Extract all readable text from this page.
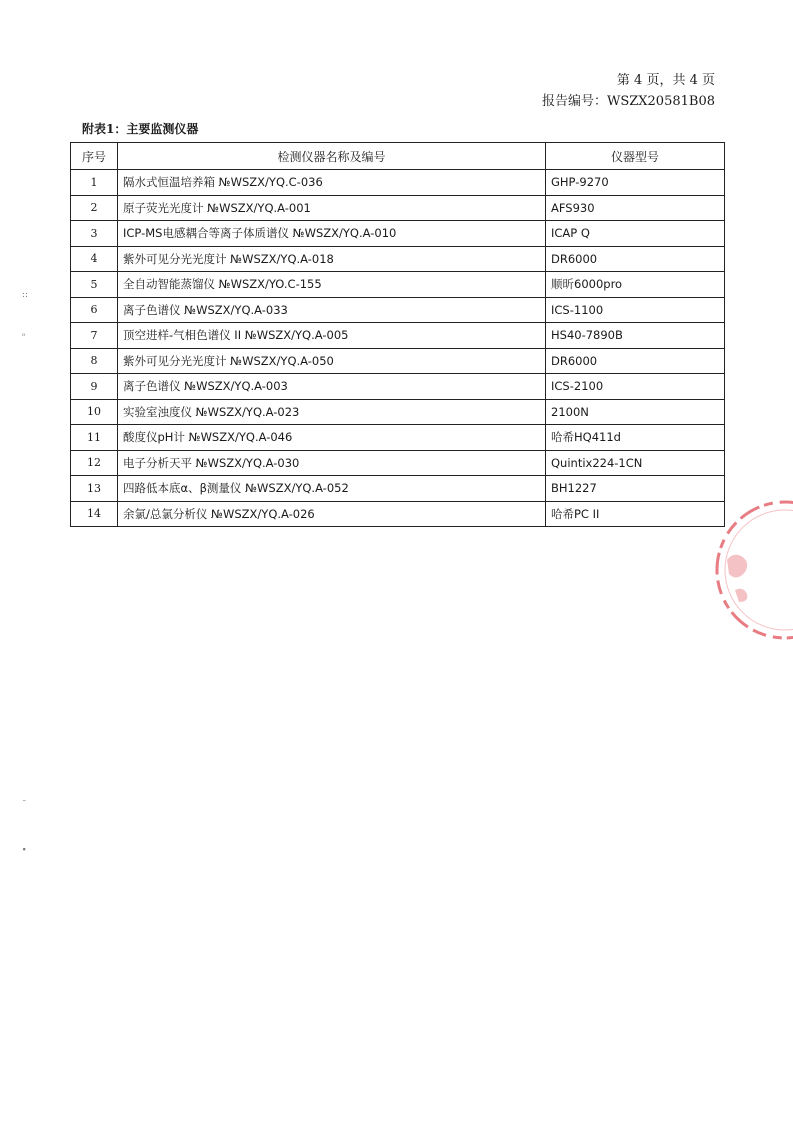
第 4 页，共 4 页
报告编号：WSZX20581B08
附表1：主要监测仪器
序号	检测仪器名称及编号	仪器型号
1	隔水式恒温培养箱 №WSZX/YQ.C-036	GHP-9270
2	原子荧光光度计 №WSZX/YQ.A-001	AFS930
3	ICP-MS电感耦合等离子体质谱仪 №WSZX/YQ.A-010	ICAP Q
4	紫外可见分光光度计 №WSZX/YQ.A-018	DR6000
5	全自动智能蒸馏仪 №WSZX/YO.C-155	顺昕6000pro
6	离子色谱仪 №WSZX/YQ.A-033	ICS-1100
7	顶空进样-气相色谱仪 II №WSZX/YQ.A-005	HS40-7890B
8	紫外可见分光光度计 №WSZX/YQ.A-050	DR6000
9	离子色谱仪 №WSZX/YQ.A-003	ICS-2100
10	实验室浊度仪 №WSZX/YQ.A-023	2100N
11	酸度仪pH计 №WSZX/YQ.A-046	哈希HQ411d
12	电子分析天平 №WSZX/YQ.A-030	Quintix224-1CN
13	四路低本底α、β测量仪 №WSZX/YQ.A-052	BH1227
14	余氯/总氯分析仪 №WSZX/YQ.A-026	哈希PC II
::
ᵒ
˘
∙
